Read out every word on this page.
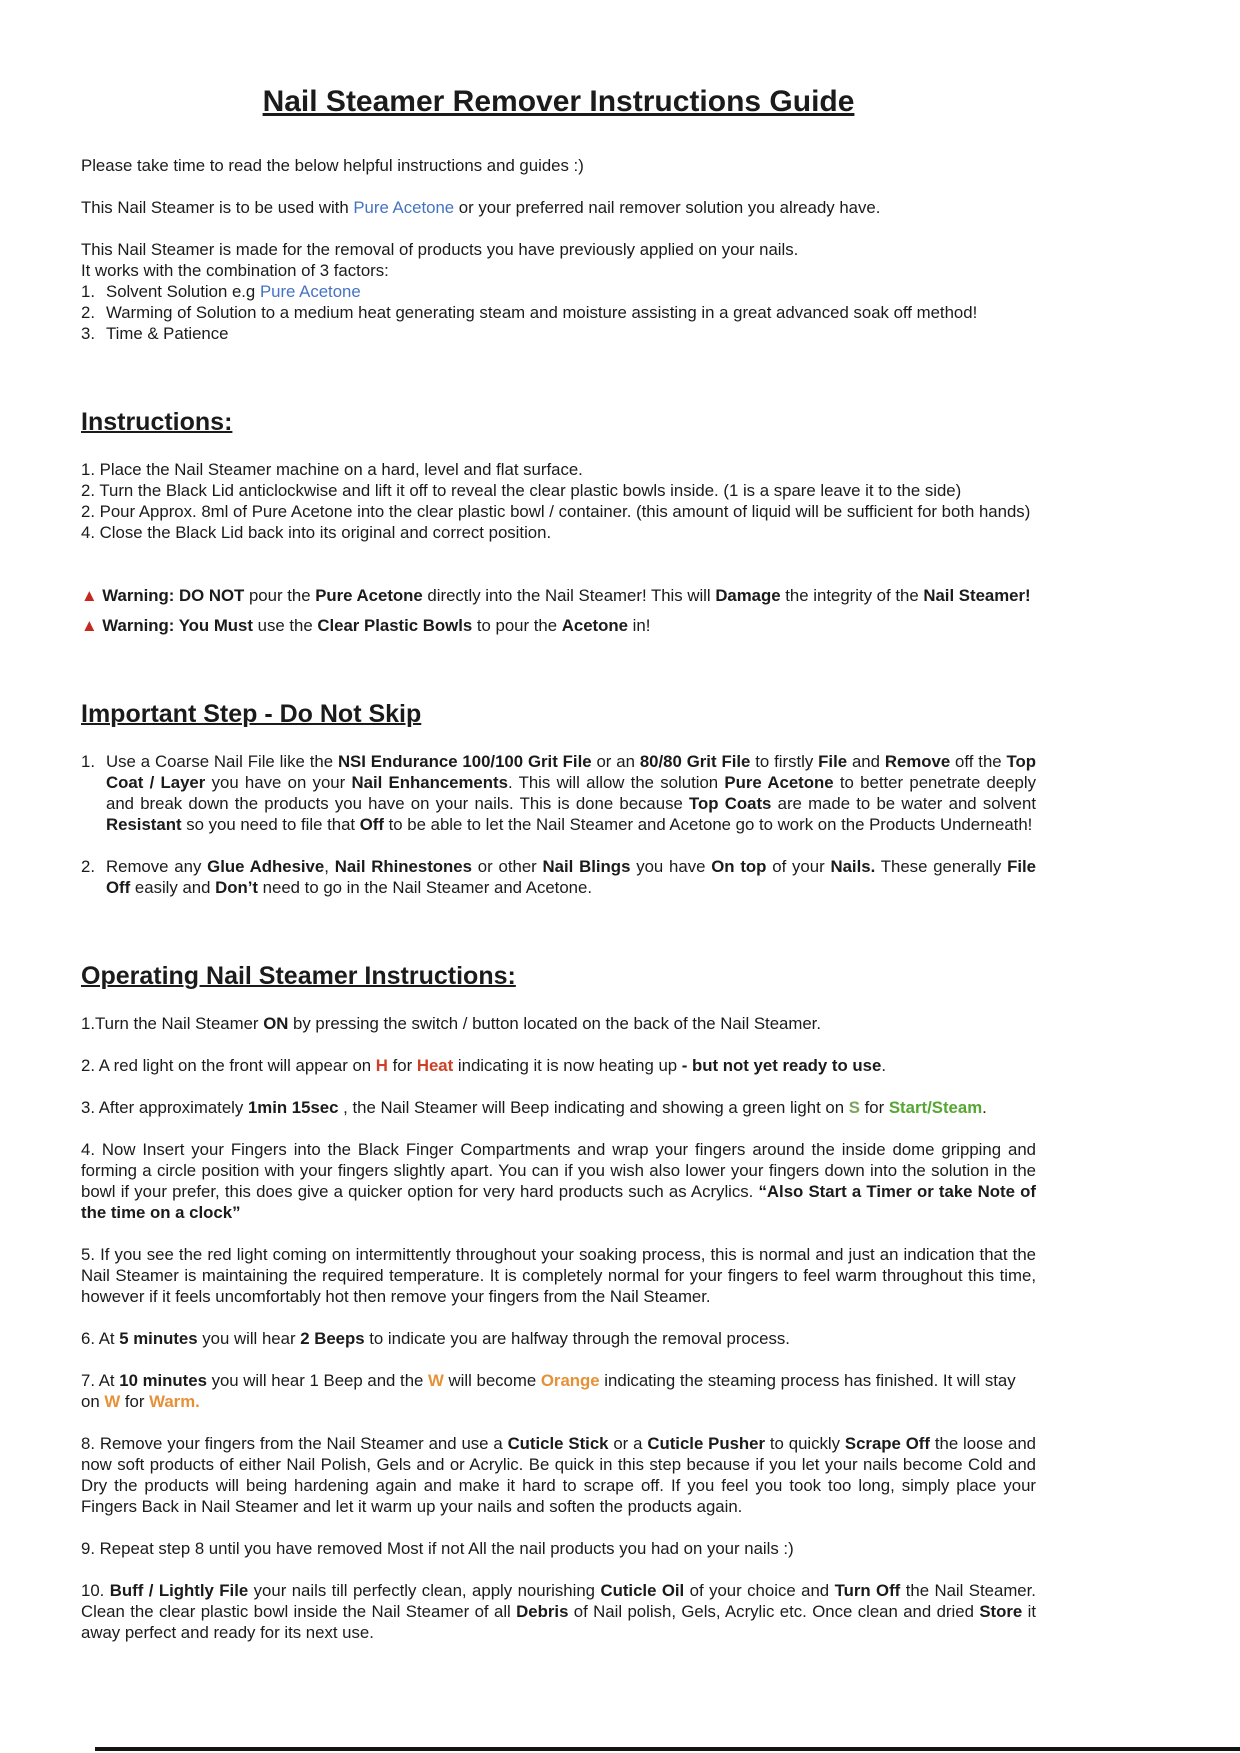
Nail Steamer Remover Instructions Guide

Please take time to read the below helpful instructions and guides :)

This Nail Steamer is to be used with Pure Acetone or your preferred nail remover solution you already have.

This Nail Steamer is made for the removal of products you have previously applied on your nails.

It works with the combination of 3 factors:

1. Solvent Solution e.g Pure Acetone
2. Warming of Solution to a medium heat generating steam and moisture assisting in a great advanced soak off method!
3. Time & Patience
Instructions:

1. Place the Nail Steamer machine on a hard, level and flat surface.

2. Turn the Black Lid anticlockwise and lift it off to reveal the clear plastic bowls inside. (1 is a spare leave it to the side)

2. Pour Approx. 8ml of Pure Acetone into the clear plastic bowl / container. (this amount of liquid will be sufficient for both hands)

4. Close the Black Lid back into its original and correct position.

▲ Warning: DO NOT pour the Pure Acetone directly into the Nail Steamer! This will Damage the integrity of the Nail Steamer!

▲ Warning: You Must use the Clear Plastic Bowls to pour the Acetone in!

Important Step - Do Not Skip
1. Use a Coarse Nail File like the NSI Endurance 100/100 Grit File or an 80/80 Grit File to firstly File and Remove off the Top Coat / Layer you have on your Nail Enhancements. This will allow the solution Pure Acetone to better penetrate deeply and break down the products you have on your nails. This is done because Top Coats are made to be water and solvent Resistant so you need to file that Off to be able to let the Nail Steamer and Acetone go to work on the Products Underneath!
2. Remove any Glue Adhesive, Nail Rhinestones or other Nail Blings you have On top of your Nails. These generally File Off easily and Don’t need to go in the Nail Steamer and Acetone.
Operating Nail Steamer Instructions:

1.Turn the Nail Steamer ON by pressing the switch / button located on the back of the Nail Steamer.

2. A red light on the front will appear on H for Heat indicating it is now heating up - but not yet ready to use.

3. After approximately 1min 15sec , the Nail Steamer will Beep indicating and showing a green light on S for Start/Steam.

4. Now Insert your Fingers into the Black Finger Compartments and wrap your fingers around the inside dome gripping and forming a circle position with your fingers slightly apart. You can if you wish also lower your fingers down into the solution in the bowl if your prefer, this does give a quicker option for very hard products such as Acrylics. “Also Start a Timer or take Note of the time on a clock”

5. If you see the red light coming on intermittently throughout your soaking process, this is normal and just an indication that the Nail Steamer is maintaining the required temperature. It is completely normal for your fingers to feel warm throughout this time, however if it feels uncomfortably hot then remove your fingers from the Nail Steamer.

6. At 5 minutes you will hear 2 Beeps to indicate you are halfway through the removal process.

7. At 10 minutes you will hear 1 Beep and the W will become Orange indicating the steaming process has finished. It will stay on W for Warm.

8. Remove your fingers from the Nail Steamer and use a Cuticle Stick or a Cuticle Pusher to quickly Scrape Off the loose and now soft products of either Nail Polish, Gels and or Acrylic. Be quick in this step because if you let your nails become Cold and Dry the products will being hardening again and make it hard to scrape off. If you feel you took too long, simply place your Fingers Back in Nail Steamer and let it warm up your nails and soften the products again.

9. Repeat step 8 until you have removed Most if not All the nail products you had on your nails :)

10. Buff / Lightly File your nails till perfectly clean, apply nourishing Cuticle Oil of your choice and Turn Off the Nail Steamer. Clean the clear plastic bowl inside the Nail Steamer of all Debris of Nail polish, Gels, Acrylic etc. Once clean and dried Store it away perfect and ready for its next use.
